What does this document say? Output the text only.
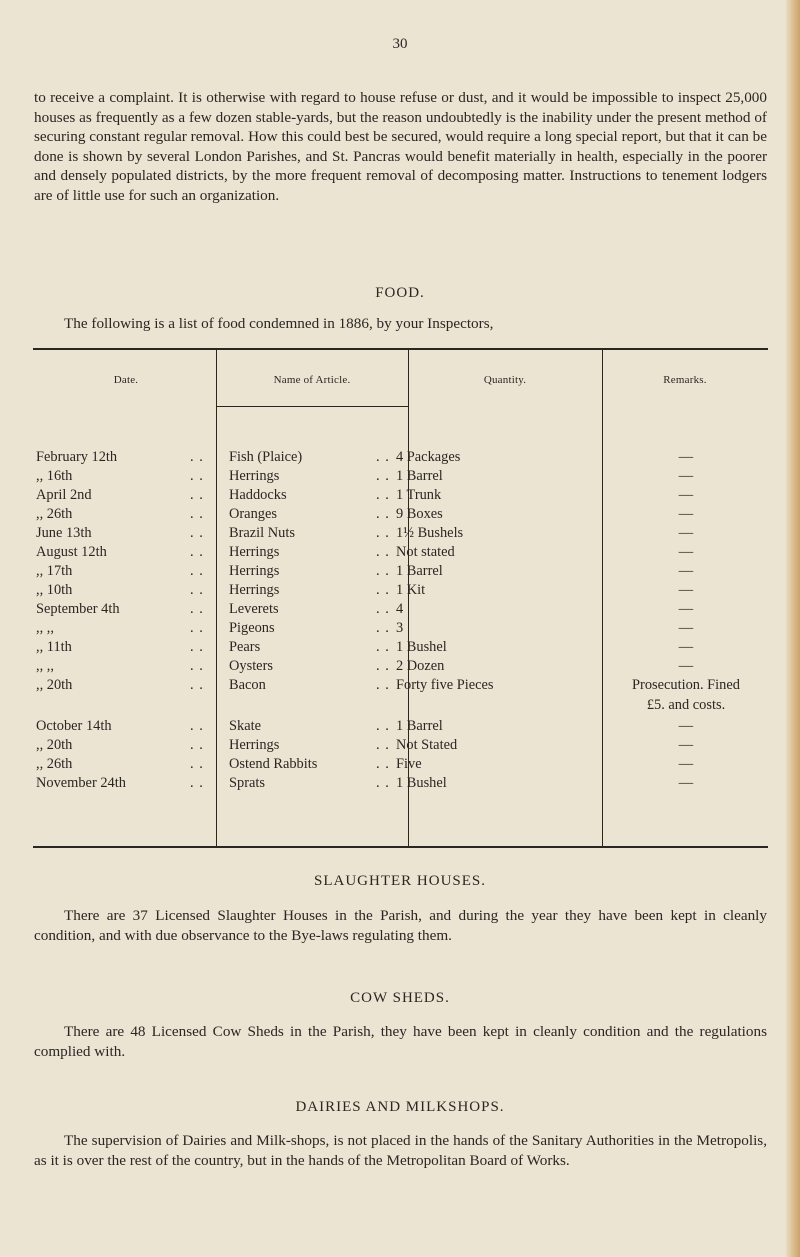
30

to receive a complaint. It is otherwise with regard to house refuse or dust, and it would be impossible to inspect 25,000 houses as frequently as a few dozen stable-yards, but the reason undoubtedly is the inability under the present method of securing constant regular removal. How this could best be secured, would require a long special report, but that it can be done is shown by several London Parishes, and St. Pancras would benefit materially in health, especially in the poorer and densely populated districts, by the more frequent removal of decomposing matter. Instructions to tenement lodgers are of little use for such an organization.

FOOD.

The following is a list of food condemned in 1886, by your Inspectors,

Date.	Name of Article.	Quantity.	Remarks.
February 12th	Fish (Plaice)	4 Packages	—
. .	. .
,, 16th	Herrings	1 Barrel	—
. .	. .
April 2nd	Haddocks	1 Trunk	—
. .	. .
,, 26th	Oranges	9 Boxes	—
. .	. .
June 13th	Brazil Nuts	1½ Bushels	—
. .	. .
August 12th	Herrings	Not stated	—
. .	. .
,, 17th	Herrings	1 Barrel	—
. .	. .
,, 10th	Herrings	1 Kit	—
. .	. .
September 4th	Leverets	4	—
. .	. .
,, ,,	Pigeons	3	—
. .	. .
,, 11th	Pears	1 Bushel	—
. .	. .
,, ,,	Oysters	2 Dozen	—
. .	. .
,, 20th	Bacon	Forty five Pieces	Prosecution. Fined
. .	. .
£5. and costs.
October 14th	Skate	1 Barrel	—
. .	. .
,, 20th	Herrings	Not Stated	—
. .	. .
,, 26th	Ostend Rabbits	Five	—
. .	. .
November 24th	Sprats	1 Bushel	—
. .	. .
SLAUGHTER HOUSES.

There are 37 Licensed Slaughter Houses in the Parish, and during the year they have been kept in cleanly condition, and with due observance to the Bye-laws regulating them.

COW SHEDS.

There are 48 Licensed Cow Sheds in the Parish, they have been kept in cleanly condition and the regulations complied with.

DAIRIES AND MILKSHOPS.

The supervision of Dairies and Milk-shops, is not placed in the hands of the Sanitary Authorities in the Metropolis, as it is over the rest of the country, but in the hands of the Metropolitan Board of Works.
